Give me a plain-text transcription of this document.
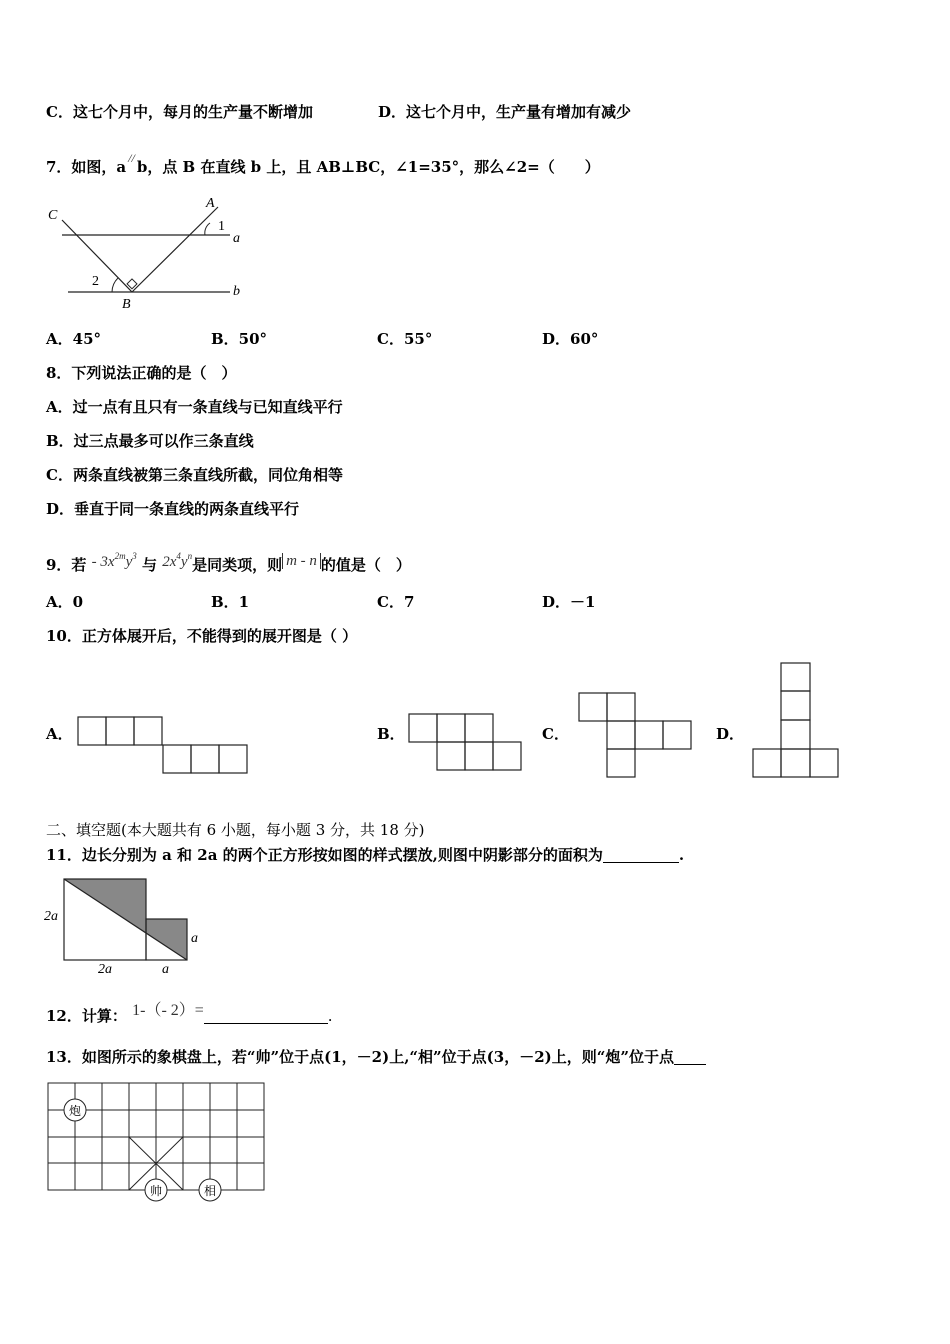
C．这七个月中，每月的生产量不断增加	D．这七个月中，生产量有增加有减少
7．如图，a // b，点 B 在直线 b 上，且 AB⊥BC，∠1=35°，那么∠2=（　　）
C
A
a
1
2
B
b
A．45°	B．50°	C．55°	D．60°
8．下列说法正确的是（　）
A．过一点有且只有一条直线与已知直线平行
B．过三点最多可以作三条直线
C．两条直线被第三条直线所截，同位角相等
D．垂直于同一条直线的两条直线平行
9．若 - $3x^{2m}y^3$ 与 $2x^4y^n$是同类项，则 m - n 的值是（　）
A．0	B．1	C．7	D．－1
10．正方体展开后，不能得到的展开图是（ ）
A．	B．	C．	D．
二、填空题(本大题共有 6 小题，每小题 3 分，共 18 分)
11．边长分别为 a 和 2a 的两个正方形按如图的样式摆放,则图中阴影部分的面积为	.
2a
2a
a
a
12．计算： 1-（- 2）=	.
13．如图所示的象棋盘上，若“帅”位于点(1，－2)上,“相”位于点(3，－2)上，则“炮”位于点
炮
帅	相
